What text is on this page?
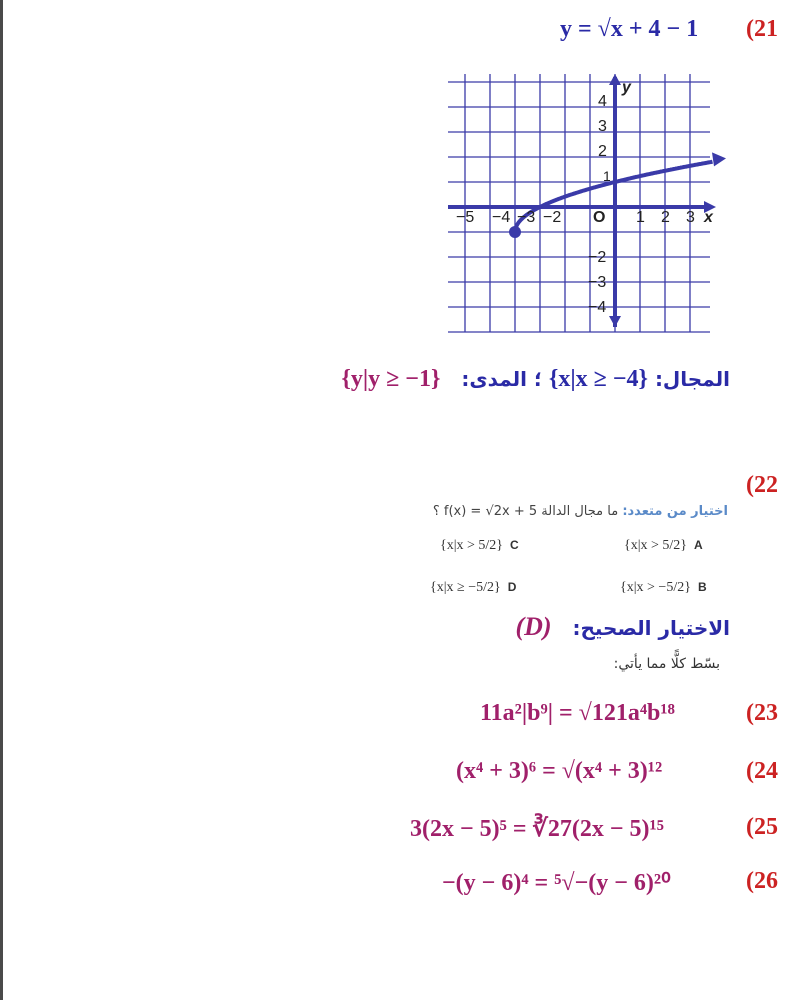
(21
y = √x + 4 − 1
−5 −4 −3 −2 O 1 2 3 x
4
3
2
1
−2
−3
−4
y
المجال: {x|x ≥ −4} ؛ المدى:   {y|y ≥ −1}
(22
اختيار من متعدد: ما مجال الدالة f(x) = √2x + 5 ؟
{x|x > 5/2} A
{x|x > 5/2} C
{x|x > −5/2} B
{x|x ≥ −5/2} D
الاختيار الصحيح:   (D)
بسّط كلًّا مما يأتي:
(23
11a²|b⁹| = √121a⁴b¹⁸
(24
(x⁴ + 3)⁶ = √(x⁴ + 3)¹²
(25
3(2x − 5)⁵ = ∛27(2x − 5)¹⁵
(26
−(y − 6)⁴ = ⁵√−(y − 6)²⁰
